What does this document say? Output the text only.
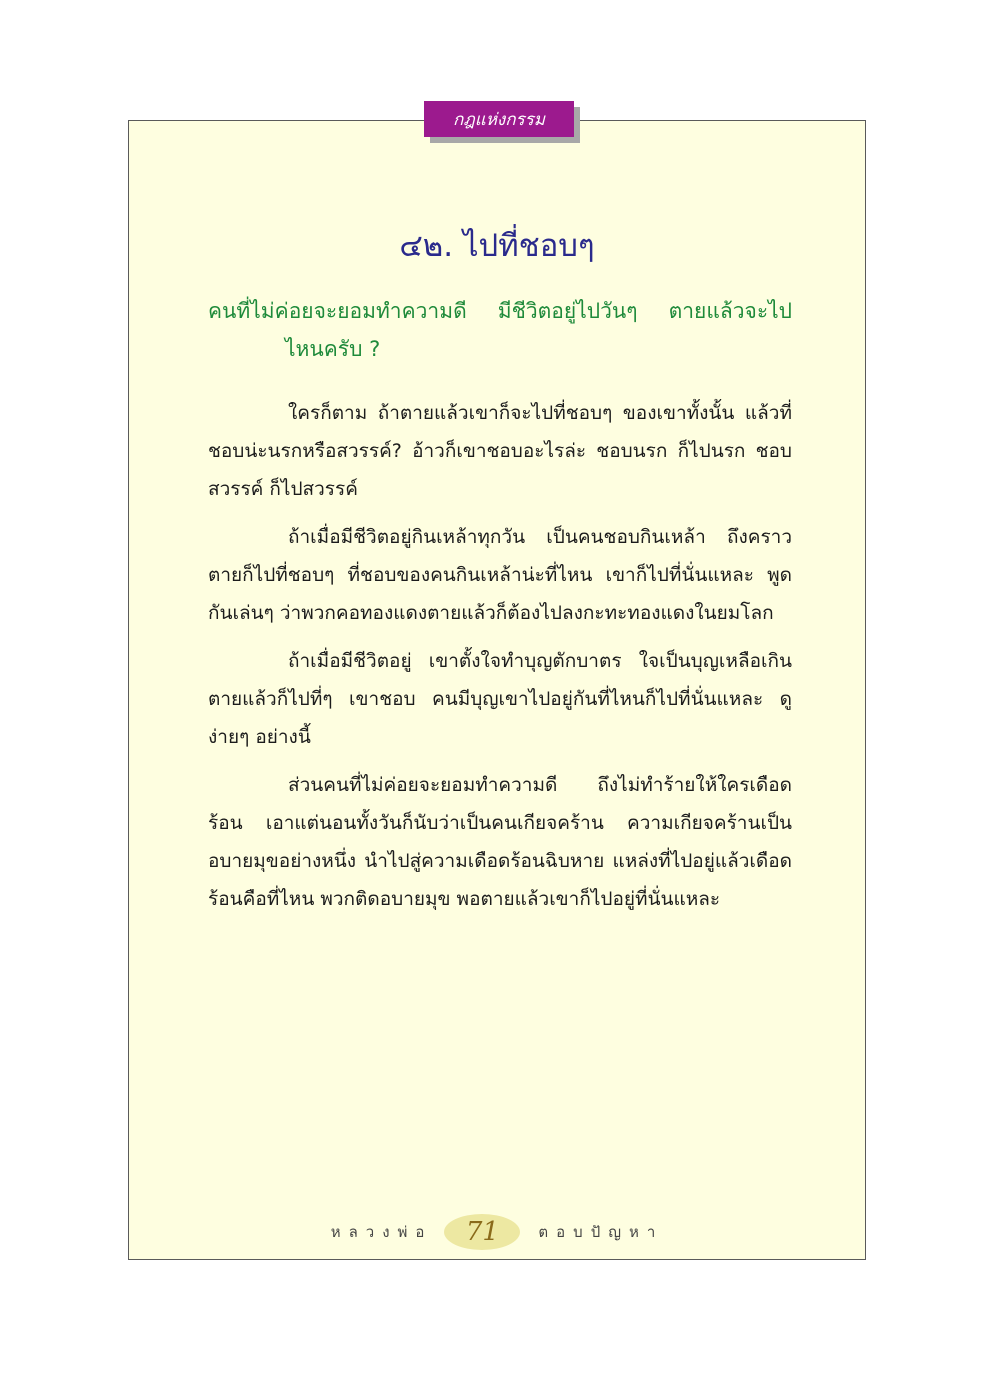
กฎแห่งกรรม
๔๒. ไปที่ชอบๆ
คนที่ไม่ค่อยจะยอมทำความดี มีชีวิตอยู่ไปวันๆ ตายแล้วจะไป
ไหนครับ ?

ใครก็ตาม ถ้าตายแล้วเขาก็จะไปที่ชอบๆ ของเขาทั้งนั้น แล้วที่ชอบน่ะนรกหรือสวรรค์? อ้าวก็เขาชอบอะไรล่ะ ชอบนรก ก็ไปนรก ชอบสวรรค์ ก็ไปสวรรค์

ถ้าเมื่อมีชีวิตอยู่กินเหล้าทุกวัน เป็นคนชอบกินเหล้า ถึงคราวตายก็ไปที่ชอบๆ ที่ชอบของคนกินเหล้าน่ะที่ไหน เขาก็ไปที่นั่นแหละ พูดกันเล่นๆ ว่าพวกคอทองแดงตายแล้วก็ต้องไปลงกะทะทองแดงในยมโลก

ถ้าเมื่อมีชีวิตอยู่ เขาตั้งใจทำบุญตักบาตร ใจเป็นบุญเหลือเกิน ตายแล้วก็ไปที่ๆ เขาชอบ คนมีบุญเขาไปอยู่กันที่ไหนก็ไปที่นั่นแหละ ดูง่ายๆ อย่างนี้

ส่วนคนที่ไม่ค่อยจะยอมทำความดี ถึงไม่ทำร้ายให้ใครเดือดร้อน เอาแต่นอนทั้งวันก็นับว่าเป็นคนเกียจคร้าน ความเกียจคร้านเป็นอบายมุขอย่างหนึ่ง นำไปสู่ความเดือดร้อนฉิบหาย แหล่งที่ไปอยู่แล้วเดือดร้อนคือที่ไหน พวกติดอบายมุข พอตายแล้วเขาก็ไปอยู่ที่นั่นแหละ

หลวงพ่อ	71	ตอบปัญหา
